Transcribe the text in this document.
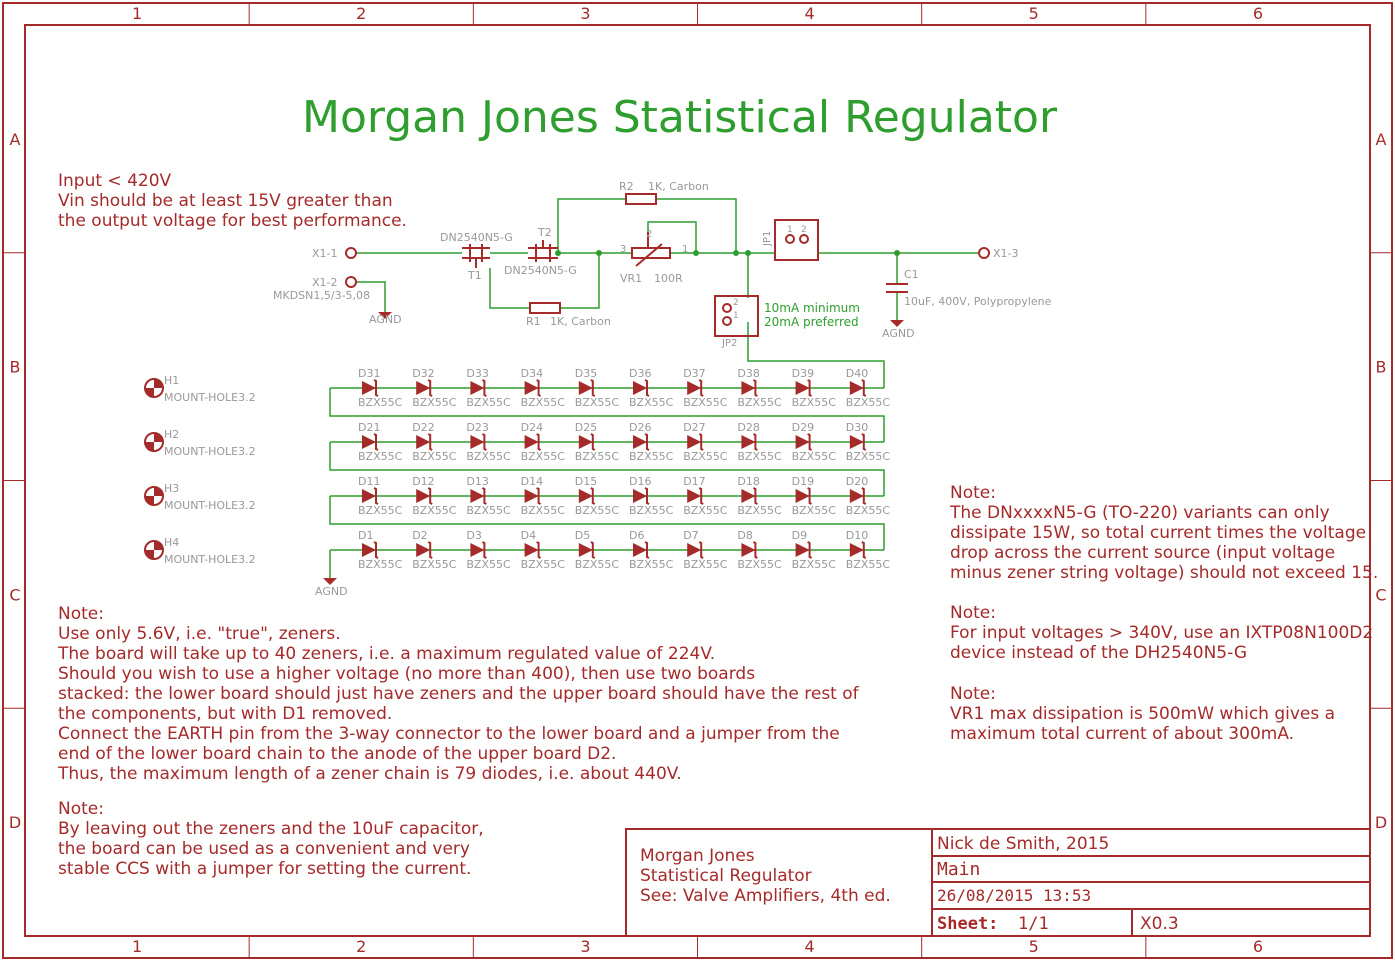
1
1
2
2
3
3
4
4
5
5
6
6
A	A
B	B
C	C
D	D
Morgan Jones Statistical Regulator
Input < 420V
Vin should be at least 15V greater than
the output voltage for best performance.
X1-1
X1-2
X1-3
MKDSN1,5/3-5,08
AGND
AGND
DN2540N5-G
T1
T2
DN2540N5-G
R2 1K, Carbon
R1 1K, Carbon
3
2
1
VR1 100R
JP1
1 2
2
1
JP2
10mA minimum
20mA preferred
C1
10uF, 400V, Polypropylene
H1
MOUNT-HOLE3.2
H2
MOUNT-HOLE3.2
H3
MOUNT-HOLE3.2
H4
MOUNT-HOLE3.2
D31
BZX55C
D32
BZX55C
D33
BZX55C
D34
BZX55C
D35
BZX55C
D36
BZX55C
D37
BZX55C
D38
BZX55C
D39
BZX55C
D40
BZX55C
D21
BZX55C
D22
BZX55C
D23
BZX55C
D24
BZX55C
D25
BZX55C
D26
BZX55C
D27
BZX55C
D28
BZX55C
D29
BZX55C
D30
BZX55C
D11
BZX55C
D12
BZX55C
D13
BZX55C
D14
BZX55C
D15
BZX55C
D16
BZX55C
D17
BZX55C
D18
BZX55C
D19
BZX55C
D20
BZX55C
D1
BZX55C
D2
BZX55C
D3
BZX55C
D4
BZX55C
D5
BZX55C
D6
BZX55C
D7
BZX55C
D8
BZX55C
D9
BZX55C
D10
BZX55C
AGND
Note:
Use only 5.6V, i.e. "true", zeners.
The board will take up to 40 zeners, i.e. a maximum regulated value of 224V.
Should you wish to use a higher voltage (no more than 400), then use two boards
stacked: the lower board should just have zeners and the upper board should have the rest of
the components, but with D1 removed.
Connect the EARTH pin from the 3-way connector to the lower board and a jumper from the
end of the lower board chain to the anode of the upper board D2.
Thus, the maximum length of a zener chain is 79 diodes, i.e. about 440V.
Note:
By leaving out the zeners and the 10uF capacitor,
the board can be used as a convenient and very
stable CCS with a jumper for setting the current.
Note:
The DNxxxxN5-G (TO-220) variants can only
dissipate 15W, so total current times the voltage
drop across the current source (input voltage
minus zener string voltage) should not exceed 15.
Note:
For input voltages > 340V, use an IXTP08N100D2
device instead of the DH2540N5-G
Note:
VR1 max dissipation is 500mW which gives a
maximum total current of about 300mA.
Morgan Jones
Statistical Regulator
See: Valve Amplifiers, 4th ed.
Nick de Smith, 2015
Main
26/08/2015 13:53
Sheet: 1/1	X0.3
